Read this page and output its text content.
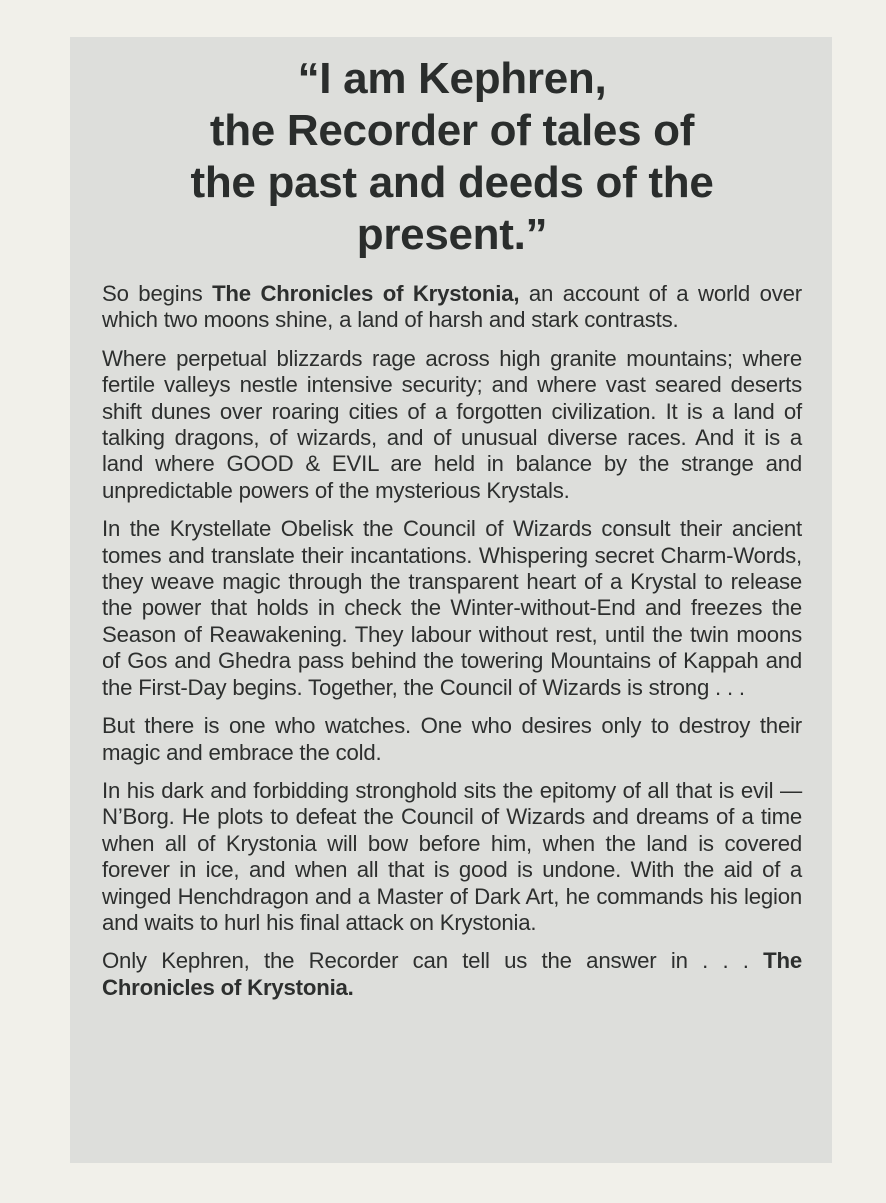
“I am Kephren,
the Recorder of tales of
the past and deeds of the
present.”

So begins The Chronicles of Krystonia, an account of a world over which two moons shine, a land of harsh and stark contrasts.

Where perpetual blizzards rage across high granite mountains; where fertile valleys nestle intensive security; and where vast seared deserts shift dunes over roaring cities of a forgotten civilization. It is a land of talking dragons, of wizards, and of unusual diverse races. And it is a land where GOOD & EVIL are held in balance by the strange and unpredictable powers of the mysterious Krystals.

In the Krystellate Obelisk the Council of Wizards consult their ancient tomes and translate their incantations. Whispering secret Charm-Words, they weave magic through the transparent heart of a Krystal to release the power that holds in check the Winter-without-End and freezes the Season of Reawakening. They labour without rest, until the twin moons of Gos and Ghedra pass behind the towering Mountains of Kappah and the First-Day begins. Together, the Council of Wizards is strong . . .

But there is one who watches. One who desires only to destroy their magic and embrace the cold.

In his dark and forbidding stronghold sits the epitomy of all that is evil — N’Borg. He plots to defeat the Council of Wizards and dreams of a time when all of Krystonia will bow before him, when the land is covered forever in ice, and when all that is good is undone. With the aid of a winged Henchdragon and a Master of Dark Art, he commands his legion and waits to hurl his final attack on Krystonia.

Only Kephren, the Recorder can tell us the answer in . . . The Chronicles of Krystonia.
